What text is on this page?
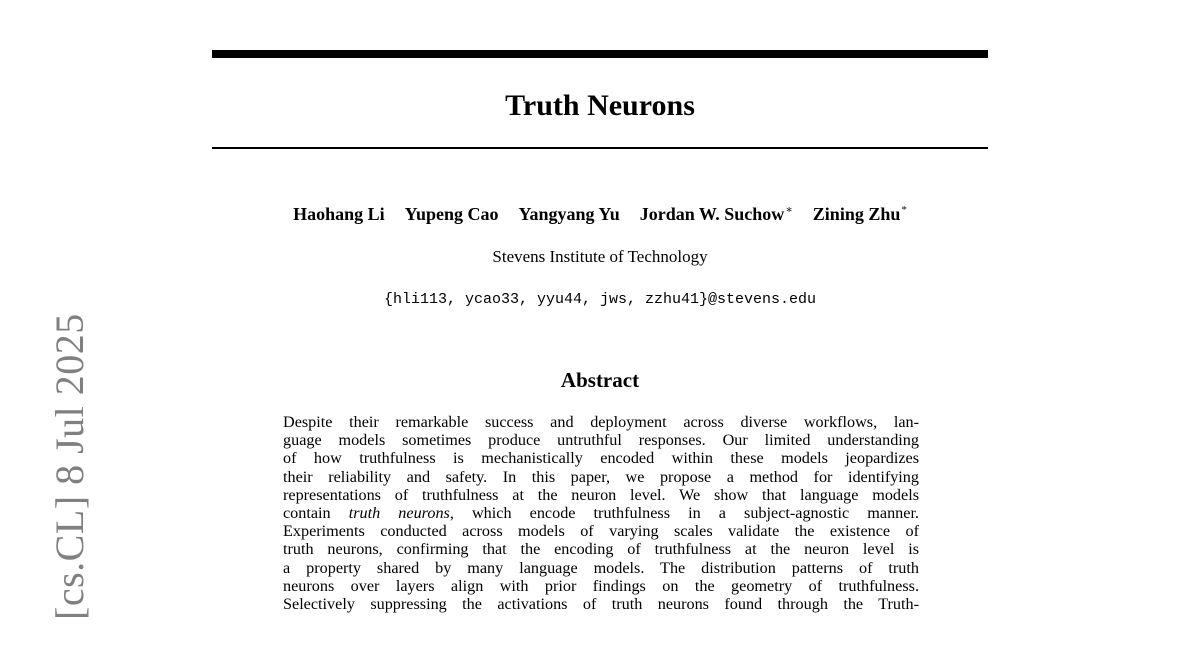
Truth Neurons
Haohang Li Yupeng Cao Yangyang Yu Jordan W. Suchow∗ Zining Zhu*
Stevens Institute of Technology
{hli113, ycao33, yyu44, jws, zzhu41}@stevens.edu
Abstract
Despite their remarkable success and deployment across diverse workflows, lan-
guage models sometimes produce untruthful responses. Our limited understanding
of how truthfulness is mechanistically encoded within these models jeopardizes
their reliability and safety. In this paper, we propose a method for identifying
representations of truthfulness at the neuron level. We show that language models
contain truth neurons, which encode truthfulness in a subject-agnostic manner.
Experiments conducted across models of varying scales validate the existence of
truth neurons, confirming that the encoding of truthfulness at the neuron level is
a property shared by many language models. The distribution patterns of truth
neurons over layers align with prior findings on the geometry of truthfulness.
Selectively suppressing the activations of truth neurons found through the Truth-
[cs.CL] 8 Jul 2025
